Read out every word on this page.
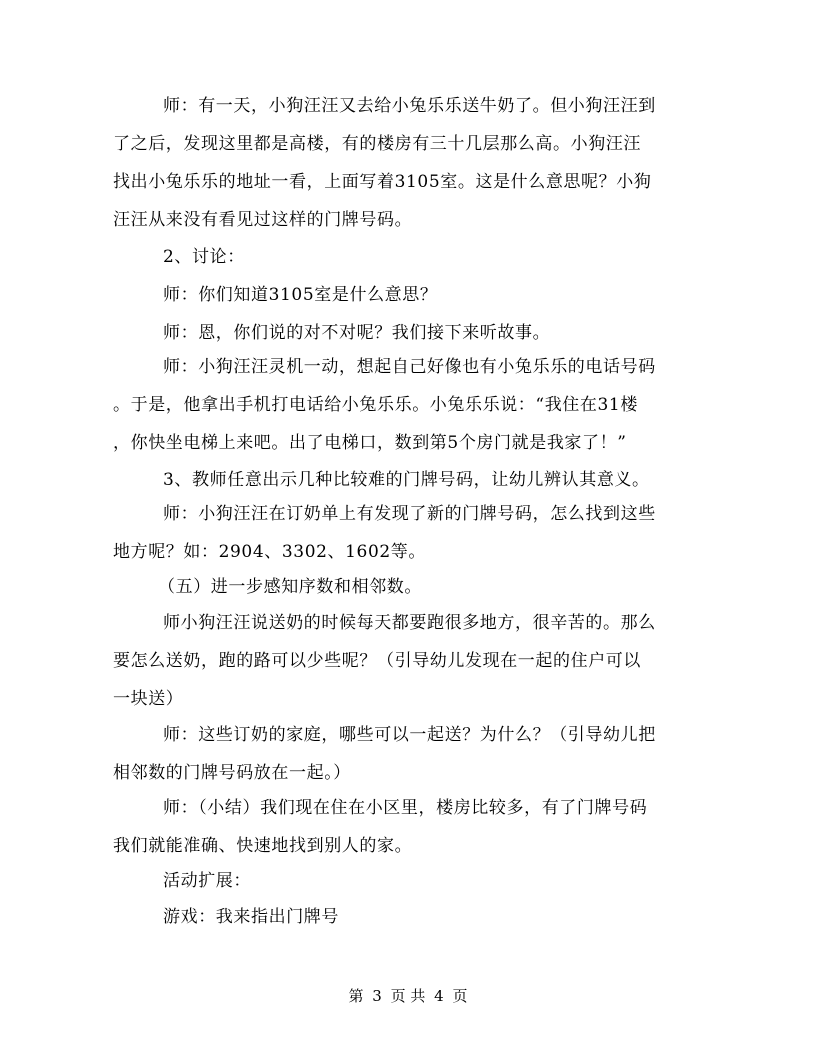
师：有一天，小狗汪汪又去给小兔乐乐送牛奶了。但小狗汪汪到
了之后，发现这里都是高楼，有的楼房有三十几层那么高。小狗汪汪
找出小兔乐乐的地址一看，上面写着3105室。这是什么意思呢？小狗
汪汪从来没有看见过这样的门牌号码。
2、讨论：
师：你们知道3105室是什么意思？
师：恩，你们说的对不对呢？我们接下来听故事。
师：小狗汪汪灵机一动，想起自己好像也有小兔乐乐的电话号码
。于是，他拿出手机打电话给小兔乐乐。小兔乐乐说：“我住在31楼
，你快坐电梯上来吧。出了电梯口，数到第5个房门就是我家了！”
3、教师任意出示几种比较难的门牌号码，让幼儿辨认其意义。
师：小狗汪汪在订奶单上有发现了新的门牌号码，怎么找到这些
地方呢？如：2904、3302、1602等。
（五）进一步感知序数和相邻数。
师小狗汪汪说送奶的时候每天都要跑很多地方，很辛苦的。那么
要怎么送奶，跑的路可以少些呢？（引导幼儿发现在一起的住户可以
一块送）
师：这些订奶的家庭，哪些可以一起送？为什么？（引导幼儿把
相邻数的门牌号码放在一起。）
师：（小结）我们现在住在小区里，楼房比较多，有了门牌号码
我们就能准确、快速地找到别人的家。
活动扩展：
游戏：我来指出门牌号
第 3 页 共 4 页
